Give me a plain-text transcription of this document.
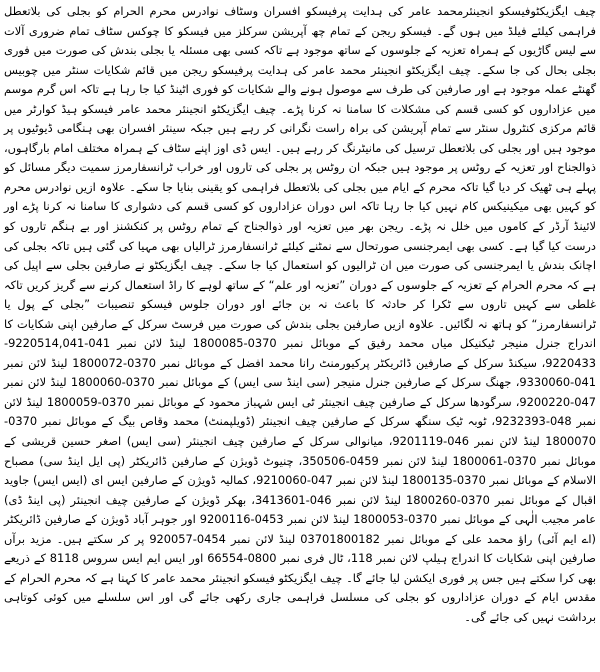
چیف ایگزیکٹوفیسکو انجینئرمحمد عامر کی ہدایت پرفیسکو افسران وسٹاف نوادرس محرم الحرام کو بجلی کی بلاتعطل فراہمی کیلئے فیلڈ میں ہوں گے۔ فیسکو ریجن کے تمام چھ آپریشن سرکلز میں فیسکو کا چوکس سٹاف تمام ضروری آلات سے لیس گاڑیوں کے ہمراہ تعزیہ کے جلوسوں کے ساتھ موجود ہے تاکہ کسی بھی مسئلہ یا بجلی بندش کی صورت میں فوری بجلی بحال کی جا سکے۔ چیف ایگزیکٹو انجینئر محمد عامر کی ہدایت پرفیسکو ریجن میں قائم شکایات سنٹر میں چوبیس گھنٹے عملہ موجود ہے اور صارفین کی طرف سے موصول ہونے والے شکایات کو فوری اٹینڈ کیا جا رہا ہے تاکہ اس گرم موسم میں عزاداروں کو کسی قسم کی مشکلات کا سامنا نہ کرنا پڑے۔ چیف ایگزیکٹو انجینئر محمد عامر فیسکو ہیڈ کوارٹر میں قائم مرکزی کنٹرول سنٹر سے تمام آپریشن کی براہ راست نگرانی کر رہے ہیں جبکہ سینئر افسران بھی ہنگامی ڈیوٹیوں پر موجود ہیں اور بجلی کی بلاتعطل ترسیل کی مانیٹرنگ کر رہے ہیں۔ ایس ڈی اوز اپنے سٹاف کے ہمراہ مختلف امام بارگاہوں، ذوالجناح اور تعزیہ کے روٹس پر موجود ہیں جبکہ ان روٹس پر بجلی کی تاروں اور خراب ٹرانسفارمرز سمیت دیگر مسائل کو پہلے ہی ٹھیک کر دیا گیا تاکہ محرم کے ایام میں بجلی کی بلاتعطل فراہمی کو یقینی بنایا جا سکے۔ علاوہ ازیں نوادرس محرم کو کہیں بھی میکینیکس کام نہیں کیا جا رہا تاکہ اس دوران عزاداروں کو کسی قسم کی دشواری کا سامنا نہ کرنا پڑے اور لائینڈ آرڈر کے کاموں میں خلل نہ پڑے۔ ریجن بھر میں تعزیہ اور ذوالجناح کے تمام روٹس پر کنکشنز اور بے ہنگم تاروں کو درست کیا گیا ہے۔ کسی بھی ایمرجنسی صورتحال سے نمٹنے کیلئے ٹرانسفارمرز ٹرالیاں بھی مہیا کی گئی ہیں تاکہ بجلی کی اچانک بندش یا ایمرجنسی کی صورت میں ان ٹرالیوں کو استعمال کیا جا سکے۔ چیف ایگزیکٹو نے صارفین بجلی سے اپیل کی ہے کہ محرم الحرام کے تعزیہ کے جلوسوں کے دوران ”تعزیہ اور علم“ کے ساتھ لوہے کا راڈ استعمال کرنے سے گریز کریں تاکہ غلطی سے کہیں تاروں سے ٹکرا کر حادثہ کا باعث نہ بن جائے اور دوران جلوس فیسکو تنصیبات ”بجلی کے پول یا ٹرانسفارمرز“ کو ہاتھ نہ لگائیں۔ علاوہ ازیں صارفین بجلی بندش کی صورت میں فرسٹ سرکل کے صارفین اپنی شکایات کا اندراج جنرل منیجر ٹیکنیکل میاں محمد رفیق کے موبائل نمبر 0370-1800085 لینڈ لائن نمبر 041-9220514,041-9220433، سیکنڈ سرکل کے صارفین ڈائریکٹر پرکیورمنٹ رانا محمد افضل کے موبائل نمبر 0370-1800072 لینڈ لائن نمبر 041-9330060، جھنگ سرکل کے صارفین جنرل منیجر (سی اینڈ سی ایس) کے موبائل نمبر 0370-1800060 لینڈ لائن نمبر 047-9200220، سرگودھا سرکل کے صارفین چیف انجینئر ٹی ایس شہباز محمود کے موبائل نمبر 0370-1800059 لینڈ لائن نمبر 048-9232393، ٹوبہ ٹیک سنگھ سرکل کے صارفین چیف انجینئر (ڈویلپمنٹ) محمد وقاص بیگ کے موبائل نمبر 0370-1800070 لینڈ لائن نمبر 046-9201119، میانوالی سرکل کے صارفین چیف انجینئر (سی ایس) اصغر حسین قریشی کے موبائل نمبر 0370-1800061 لینڈ لائن نمبر 0459-350506، چنیوٹ ڈویژن کے صارفین ڈائریکٹر (پی ایل اینڈ سی) مصباح الاسلام کے موبائل نمبر 0370-1800135 لینڈ لائن نمبر 047-9210060، کمالیہ ڈویژن کے صارفین ایس ای (ایس ایس) جاوید اقبال کے موبائل نمبر 0370-1800260 لینڈ لائن نمبر 046-3413601، بھکر ڈویژن کے صارفین چیف انجینئر (پی اینڈ ڈی) عامر مجیب الٰہی کے موبائل نمبر 0370-1800053 لینڈ لائن نمبر 0453-9200116 اور جوہر آباد ڈویژن کے صارفین ڈائریکٹر (اے ایم آئی) راؤ محمد علی کے موبائل نمبر 03701800182 لینڈ لائن نمبر 0454-920057 پر کر سکتے ہیں۔ مزید برآں صارفین اپنی شکایات کا اندراج ہیلپ لائن نمبر 118، ٹال فری نمبر 0800-66554 اور ایس ایم ایس سروس 8118 کے ذریعے بھی کرا سکتے ہیں جس پر فوری ایکشن لیا جائے گا۔ چیف ایگزیکٹو فیسکو انجینئر محمد عامر کا کہنا ہے کہ محرم الحرام کے مقدس ایام کے دوران عزاداروں کو بجلی کی مسلسل فراہمی جاری رکھی جائے گی اور اس سلسلے میں کوئی کوتاہی برداشت نہیں کی جائے گی۔
